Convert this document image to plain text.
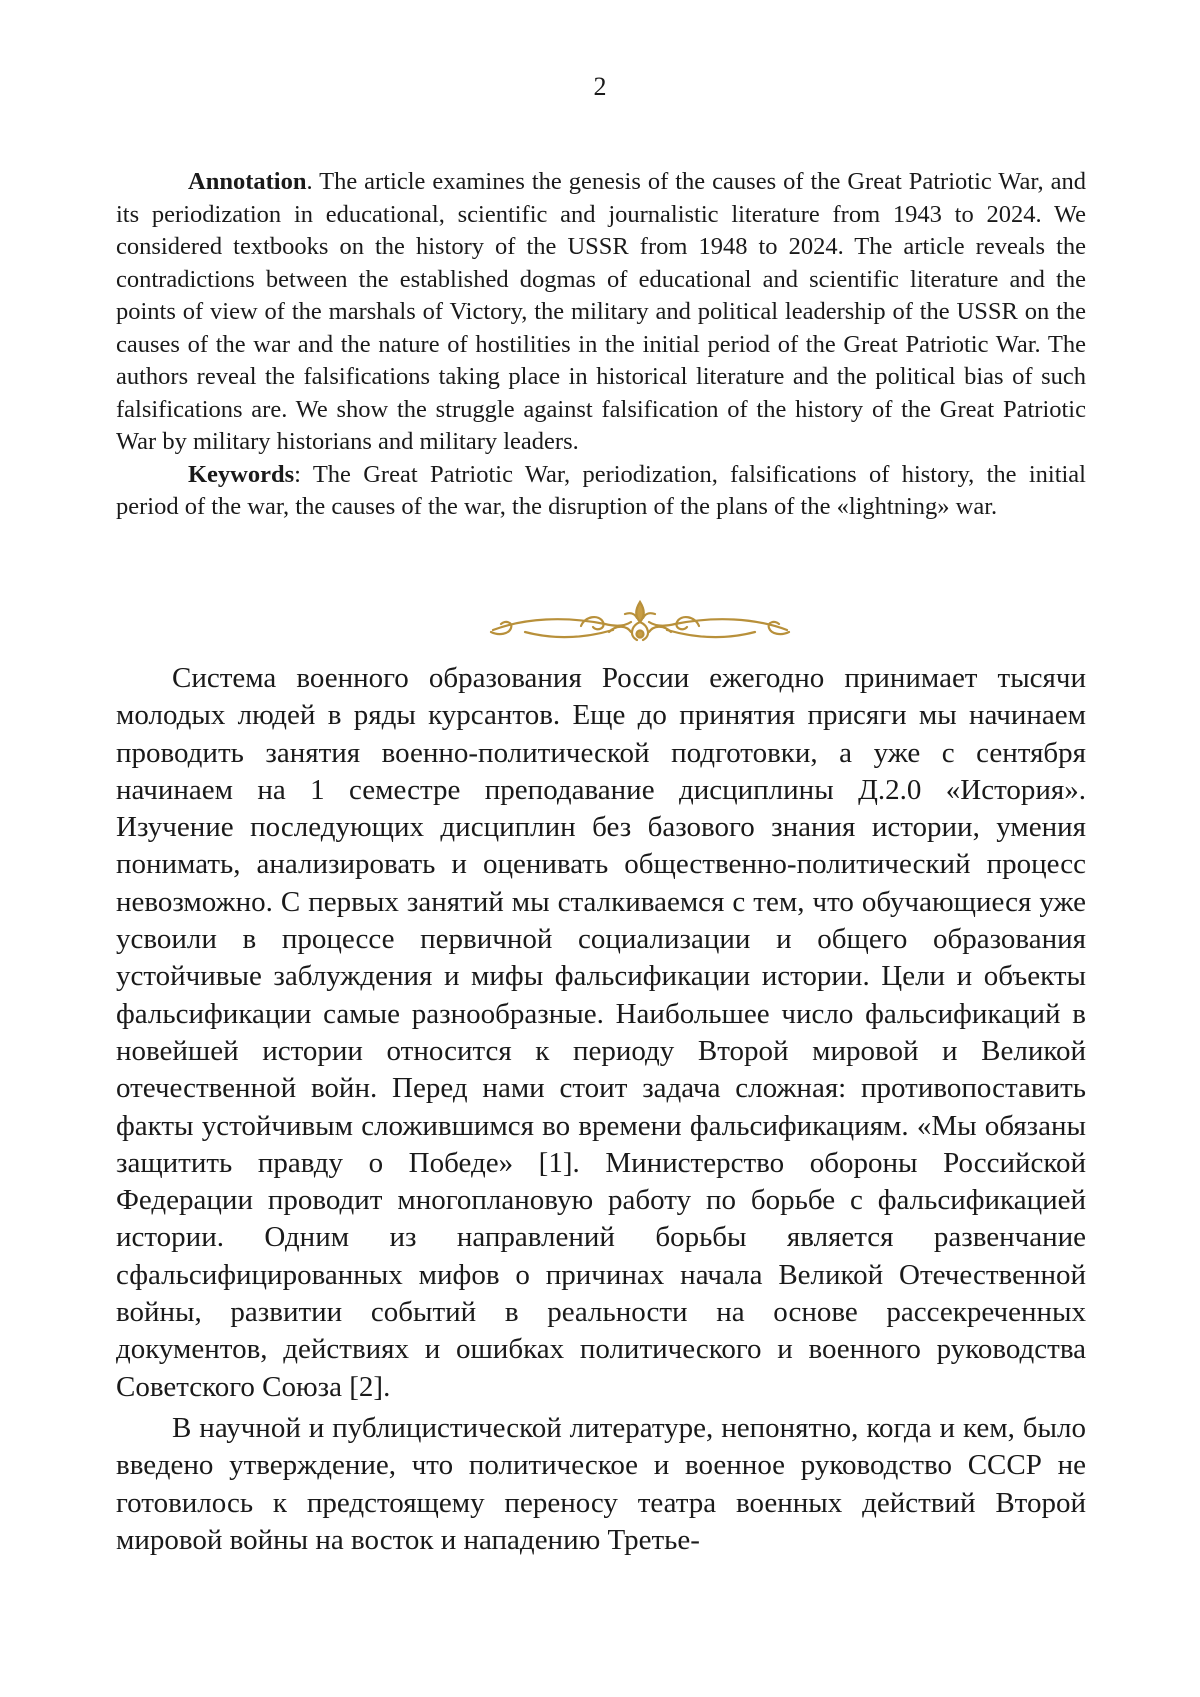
2

Annotation. The article examines the genesis of the causes of the Great Patriotic War, and its periodization in educational, scientific and journalistic literature from 1943 to 2024. We considered textbooks on the history of the USSR from 1948 to 2024. The article reveals the contradictions between the established dogmas of educational and scientific literature and the points of view of the marshals of Victory, the military and political leadership of the USSR on the causes of the war and the nature of hostilities in the initial period of the Great Patriotic War. The authors reveal the falsifications taking place in historical literature and the political bias of such falsifications are. We show the struggle against falsification of the history of the Great Patriotic War by military historians and military leaders.

Keywords: The Great Patriotic War, periodization, falsifications of history, the initial period of the war, the causes of the war, the disruption of the plans of the «lightning» war.

Система военного образования России ежегодно принимает тысячи молодых людей в ряды курсантов. Еще до принятия присяги мы начинаем проводить занятия военно-политической подготовки, а уже с сентября начинаем на 1 семестре преподавание дисциплины Д.2.0 «История». Изучение последующих дисциплин без базового знания истории, умения понимать, анализировать и оценивать общественно-политический процесс невозможно. С первых занятий мы сталкиваемся с тем, что обучающиеся уже усвоили в процессе первичной социализации и общего образования устойчивые заблуждения и мифы фальсификации истории. Цели и объекты фальсификации самые разнообразные. Наибольшее число фальсификаций в новейшей истории относится к периоду Второй мировой и Великой отечественной войн. Перед нами стоит задача сложная: противопоставить факты устойчивым сложившимся во времени фальсификациям. «Мы обязаны защитить правду о Победе» [1]. Министерство обороны Российской Федерации проводит многоплановую работу по борьбе с фальсификацией истории. Одним из направлений борьбы является развенчание сфальсифицированных мифов о причинах начала Великой Отечественной войны, развитии событий в реальности на основе рассекреченных документов, действиях и ошибках политического и военного руководства Советского Союза [2].

В научной и публицистической литературе, непонятно, когда и кем, было введено утверждение, что политическое и военное руководство СССР не готовилось к предстоящему переносу театра военных действий Второй мировой войны на восток и нападению Третье-
